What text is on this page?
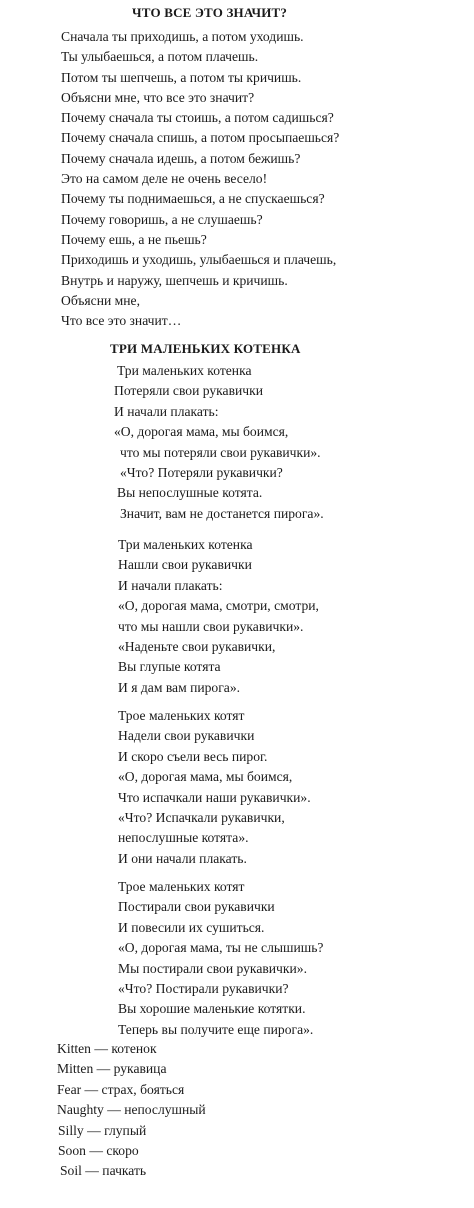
ЧТО ВСЕ ЭТО ЗНАЧИТ?
Сначала ты приходишь, а потом уходишь.
Ты улыбаешься, а потом плачешь.
Потом ты шепчешь, а потом ты кричишь.
Объясни мне, что все это значит?
Почему сначала ты стоишь, а потом садишься?
Почему сначала спишь, а потом просыпаешься?
Почему сначала идешь, а потом бежишь?
Это на самом деле не очень весело!
Почему ты поднимаешься, а не спускаешься?
Почему говоришь, а не слушаешь?
Почему ешь, а не пьешь?
Приходишь и уходишь, улыбаешься и плачешь,
Внутрь и наружу, шепчешь и кричишь.
Объясни мне,
Что все это значит…
ТРИ МАЛЕНЬКИХ КОТЕНКА
Три маленьких котенка
Потеряли свои рукавички
И начали плакать:
«О, дорогая мама, мы боимся,
что мы потеряли свои рукавички».
«Что? Потеряли рукавички?
Вы непослушные котята.
Значит, вам не достанется пирога».
Три маленьких котенка
Нашли свои рукавички
И начали плакать:
«О, дорогая мама, смотри, смотри,
что мы нашли свои рукавички».
«Наденьте свои рукавички,
Вы глупые котята
И я дам вам пирога».
Трое маленьких котят
Надели свои рукавички
И скоро съели весь пирог.
«О, дорогая мама, мы боимся,
Что испачкали наши рукавички».
«Что? Испачкали рукавички,
непослушные котята».
И они начали плакать.
Трое маленьких котят
Постирали свои рукавички
И повесили их сушиться.
«О, дорогая мама, ты не слышишь?
Мы постирали свои рукавички».
«Что? Постирали рукавички?
Вы хорошие маленькие котятки.
Теперь вы получите еще пирога».
Kitten — котенок
Mitten — рукавица
Fear — страх, бояться
Naughty — непослушный
Silly — глупый
Soon — скоро
Soil — пачкать
